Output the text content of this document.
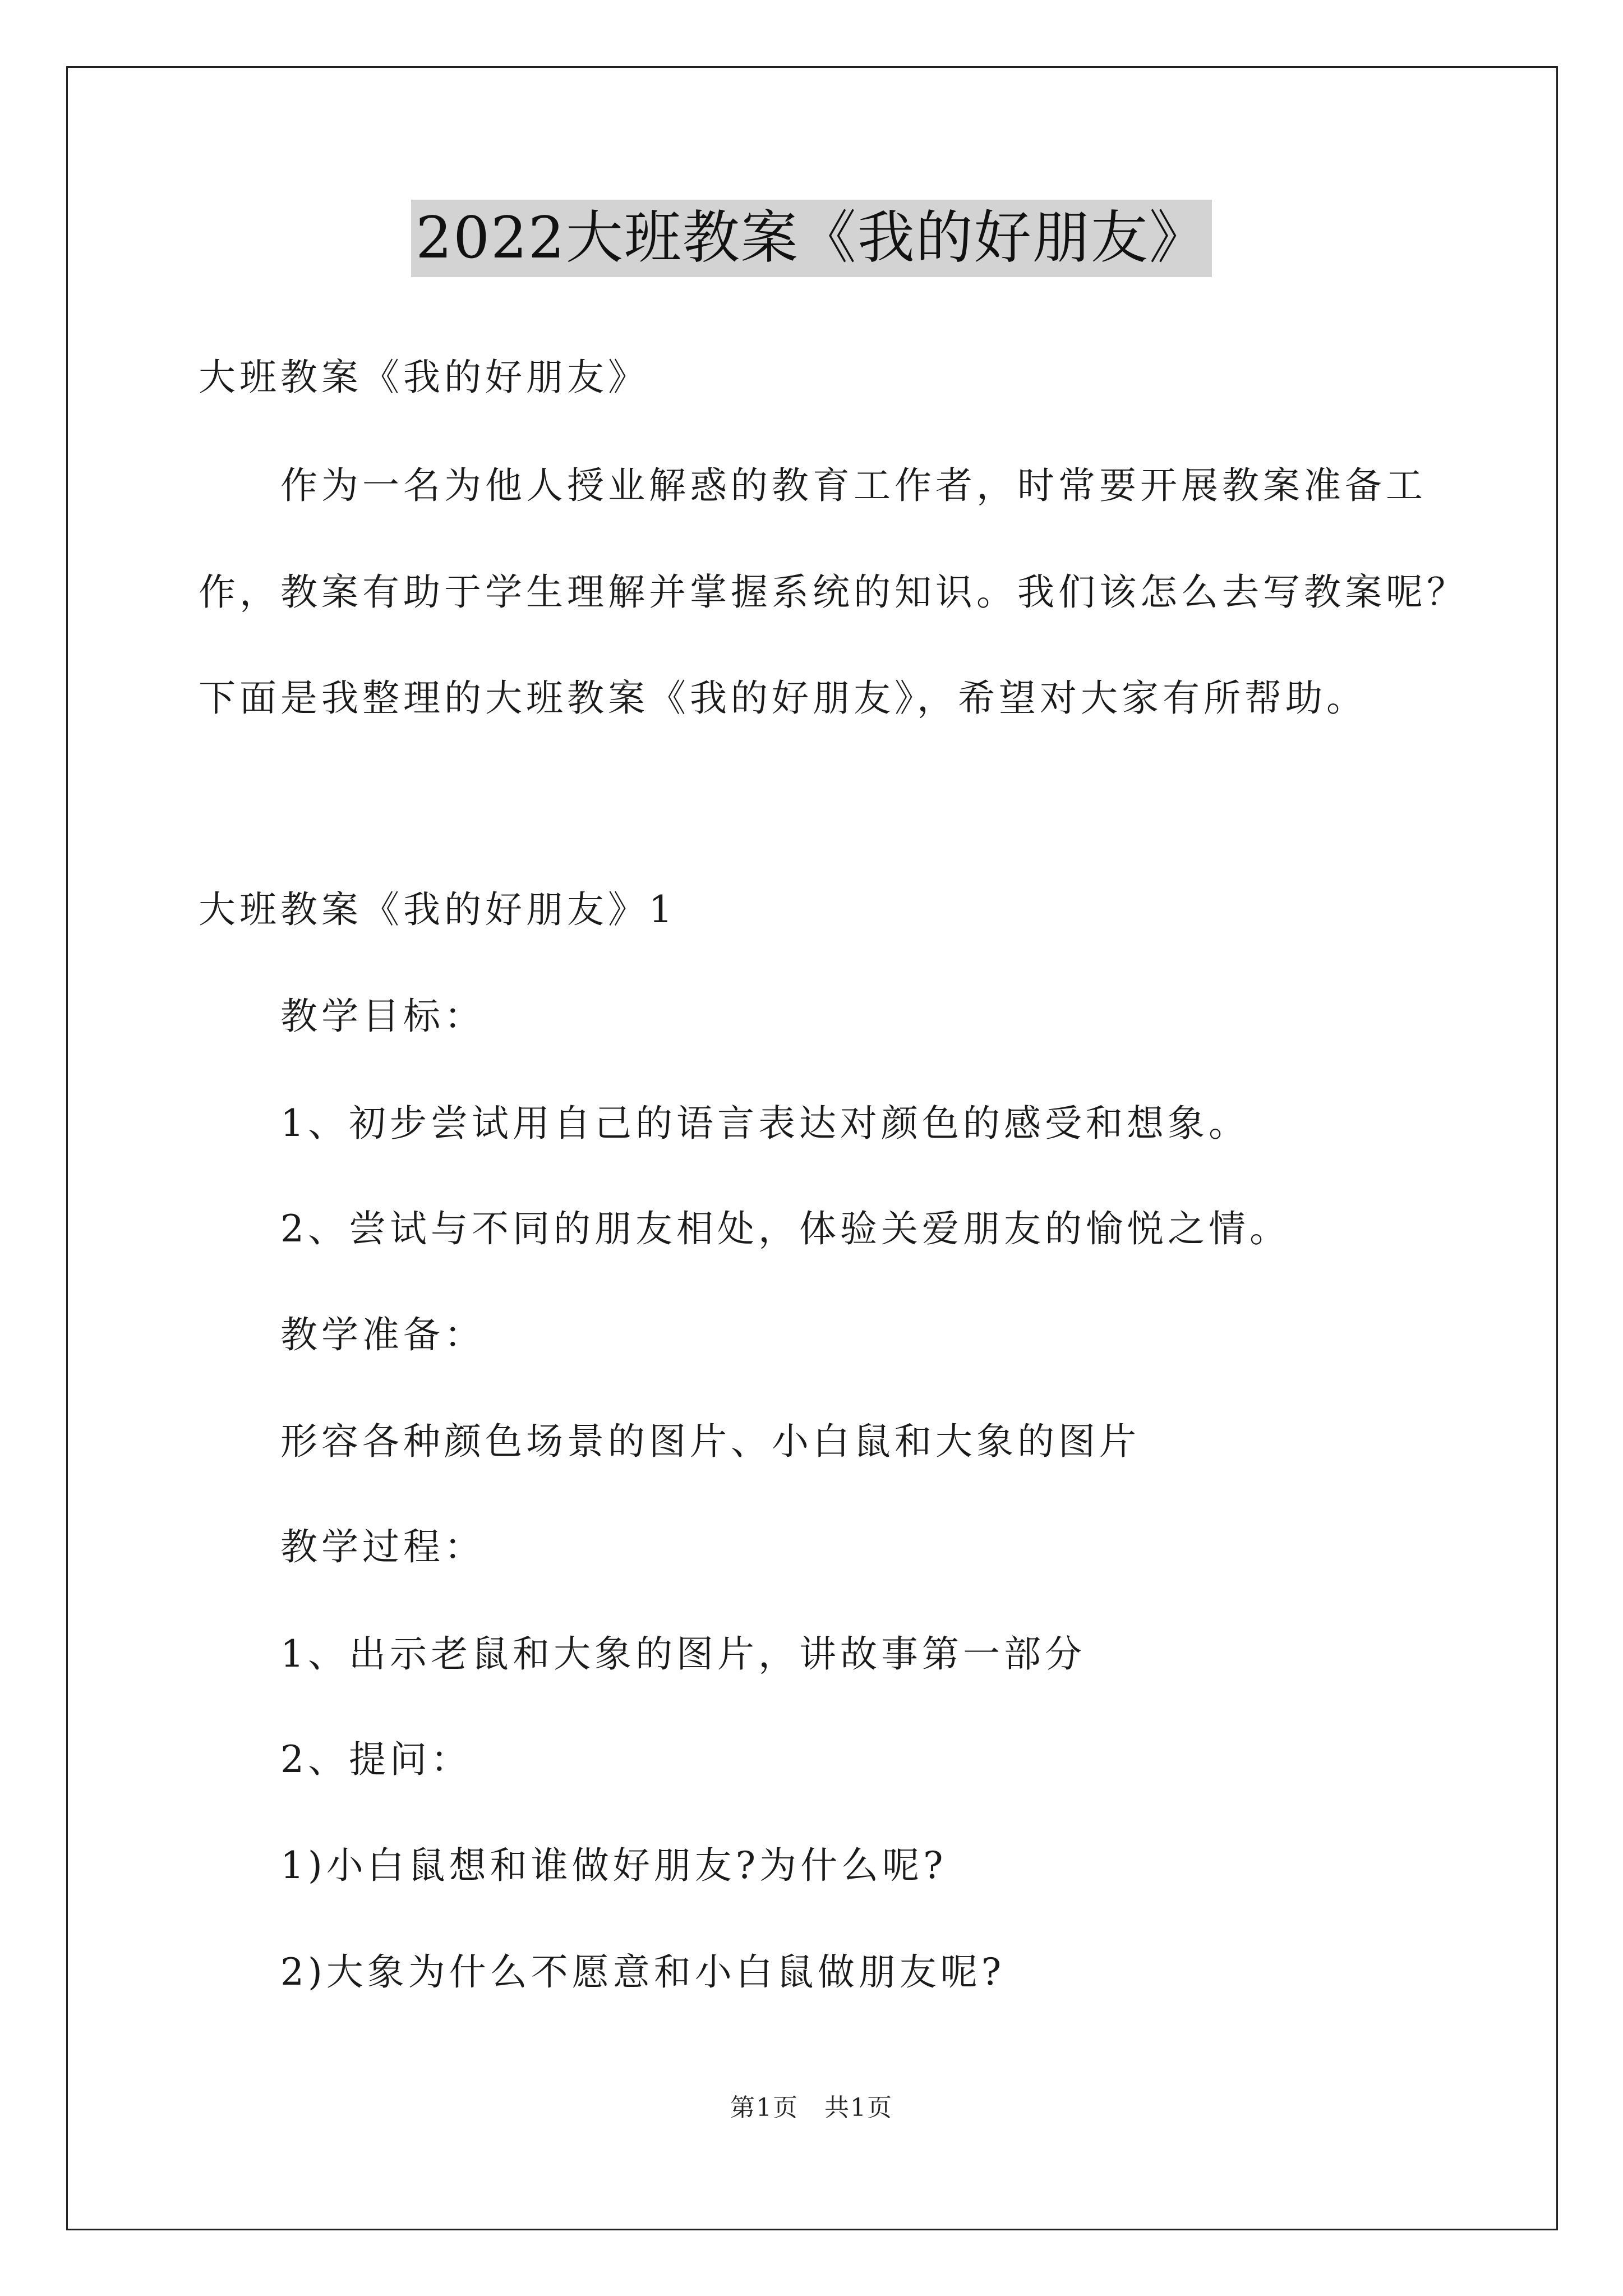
2022大班教案《我的好朋友》
大班教案《我的好朋友》
作为一名为他人授业解惑的教育工作者，时常要开展教案准备工
作，教案有助于学生理解并掌握系统的知识。我们该怎么去写教案呢？
下面是我整理的大班教案《我的好朋友》，希望对大家有所帮助。
大班教案《我的好朋友》1
教学目标：
1、初步尝试用自己的语言表达对颜色的感受和想象。
2、尝试与不同的朋友相处，体验关爱朋友的愉悦之情。
教学准备：
形容各种颜色场景的图片、小白鼠和大象的图片
教学过程：
1、出示老鼠和大象的图片，讲故事第一部分
2、提问：
1)小白鼠想和谁做好朋友?为什么呢?
2)大象为什么不愿意和小白鼠做朋友呢?
第1页　共1页
